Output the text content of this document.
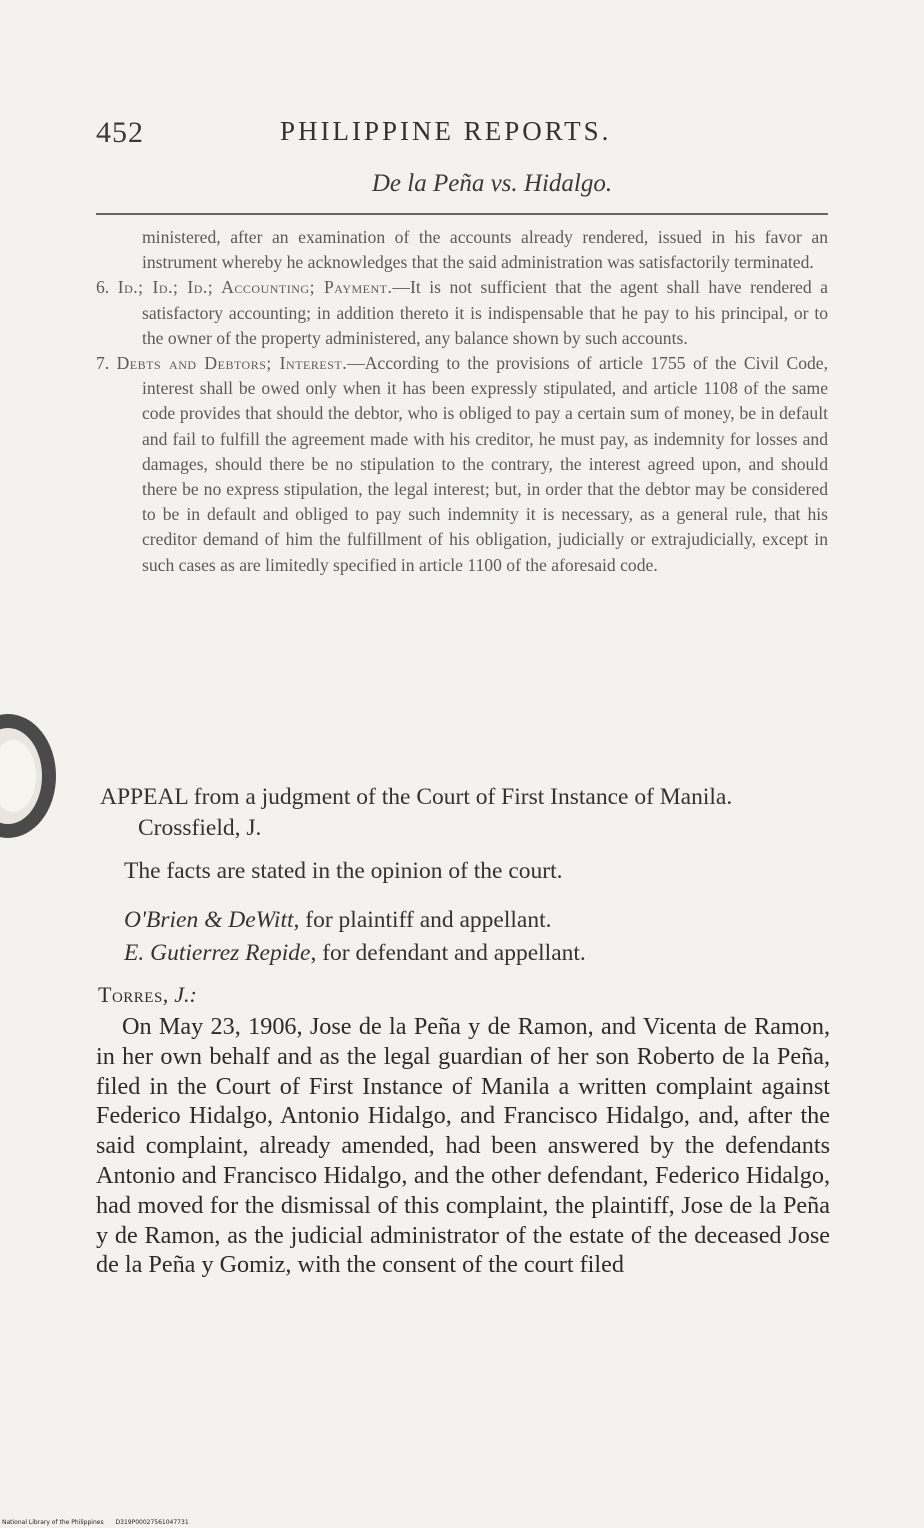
452	PHILIPPINE REPORTS.
De la Peña vs. Hidalgo.
ministered, after an examination of the accounts already rendered, issued in his favor an instrument whereby he acknowledges that the said administration was satisfactorily terminated.
6. Id.; Id.; Id.; Accounting; Payment.—It is not sufficient that the agent shall have rendered a satisfactory accounting; in addition thereto it is indispensable that he pay to his principal, or to the owner of the property administered, any balance shown by such accounts.
7. Debts and Debtors; Interest.—According to the provisions of article 1755 of the Civil Code, interest shall be owed only when it has been expressly stipulated, and article 1108 of the same code provides that should the debtor, who is obliged to pay a certain sum of money, be in default and fail to fulfill the agreement made with his creditor, he must pay, as indemnity for losses and damages, should there be no stipulation to the contrary, the interest agreed upon, and should there be no express stipulation, the legal interest; but, in order that the debtor may be considered to be in default and obliged to pay such indemnity it is necessary, as a general rule, that his creditor demand of him the fulfillment of his obligation, judicially or extrajudicially, except in such cases as are limitedly specified in article 1100 of the aforesaid code.
APPEAL from a judgment of the Court of First Instance of Manila. Crossfield, J.
The facts are stated in the opinion of the court.
O'Brien & DeWitt, for plaintiff and appellant.
E. Gutierrez Repide, for defendant and appellant.
Torres, J.:
On May 23, 1906, Jose de la Peña y de Ramon, and Vicenta de Ramon, in her own behalf and as the legal guardian of her son Roberto de la Peña, filed in the Court of First Instance of Manila a written complaint against Federico Hidalgo, Antonio Hidalgo, and Francisco Hidalgo, and, after the said complaint, already amended, had been answered by the defendants Antonio and Francisco Hidalgo, and the other defendant, Federico Hidalgo, had moved for the dismissal of this complaint, the plaintiff, Jose de la Peña y de Ramon, as the judicial administrator of the estate of the deceased Jose de la Peña y Gomiz, with the consent of the court filed
National Library of the Philippines D319P00027561047731
